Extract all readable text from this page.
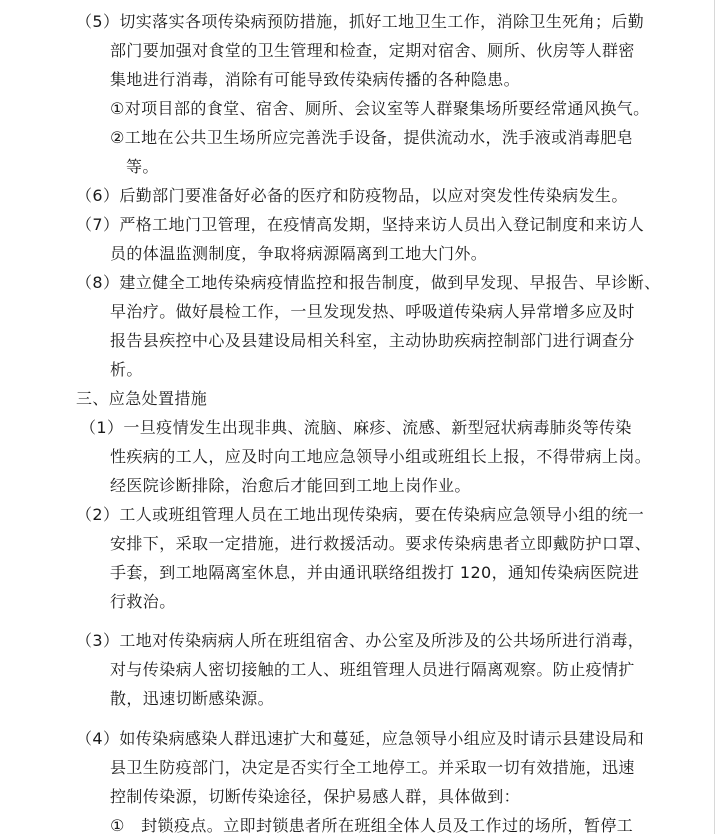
（5）切实落实各项传染病预防措施，抓好工地卫生工作，消除卫生死角；后勤
部门要加强对食堂的卫生管理和检查，定期对宿舍、厕所、伙房等人群密
集地进行消毒，消除有可能导致传染病传播的各种隐患。
①对项目部的食堂、宿舍、厕所、会议室等人群聚集场所要经常通风换气。
②工地在公共卫生场所应完善洗手设备，提供流动水，洗手液或消毒肥皂
等。
（6）后勤部门要准备好必备的医疗和防疫物品，以应对突发性传染病发生。
（7）严格工地门卫管理，在疫情高发期，坚持来访人员出入登记制度和来访人
员的体温监测制度，争取将病源隔离到工地大门外。
（8）建立健全工地传染病疫情监控和报告制度，做到早发现、早报告、早诊断、
早治疗。做好晨检工作，一旦发现发热、呼吸道传染病人异常增多应及时
报告县疾控中心及县建设局相关科室，主动协助疾病控制部门进行调查分
析。
三、应急处置措施
（1）一旦疫情发生出现非典、流脑、麻疹、流感、新型冠状病毒肺炎等传染
性疾病的工人，应及时向工地应急领导小组或班组长上报，不得带病上岗。
经医院诊断排除，治愈后才能回到工地上岗作业。
（2）工人或班组管理人员在工地出现传染病，要在传染病应急领导小组的统一
安排下，采取一定措施，进行救援活动。要求传染病患者立即戴防护口罩、
手套，到工地隔离室休息，并由通讯联络组拨打 120，通知传染病医院进
行救治。
（3）工地对传染病病人所在班组宿舍、办公室及所涉及的公共场所进行消毒，
对与传染病人密切接触的工人、班组管理人员进行隔离观察。防止疫情扩
散，迅速切断感染源。
（4）如传染病感染人群迅速扩大和蔓延，应急领导小组应及时请示县建设局和
县卫生防疫部门，决定是否实行全工地停工。并采取一切有效措施，迅速
控制传染源，切断传染途径，保护易感人群，具体做到：
①　封锁疫点。立即封锁患者所在班组全体人员及工作过的场所，暂停工
